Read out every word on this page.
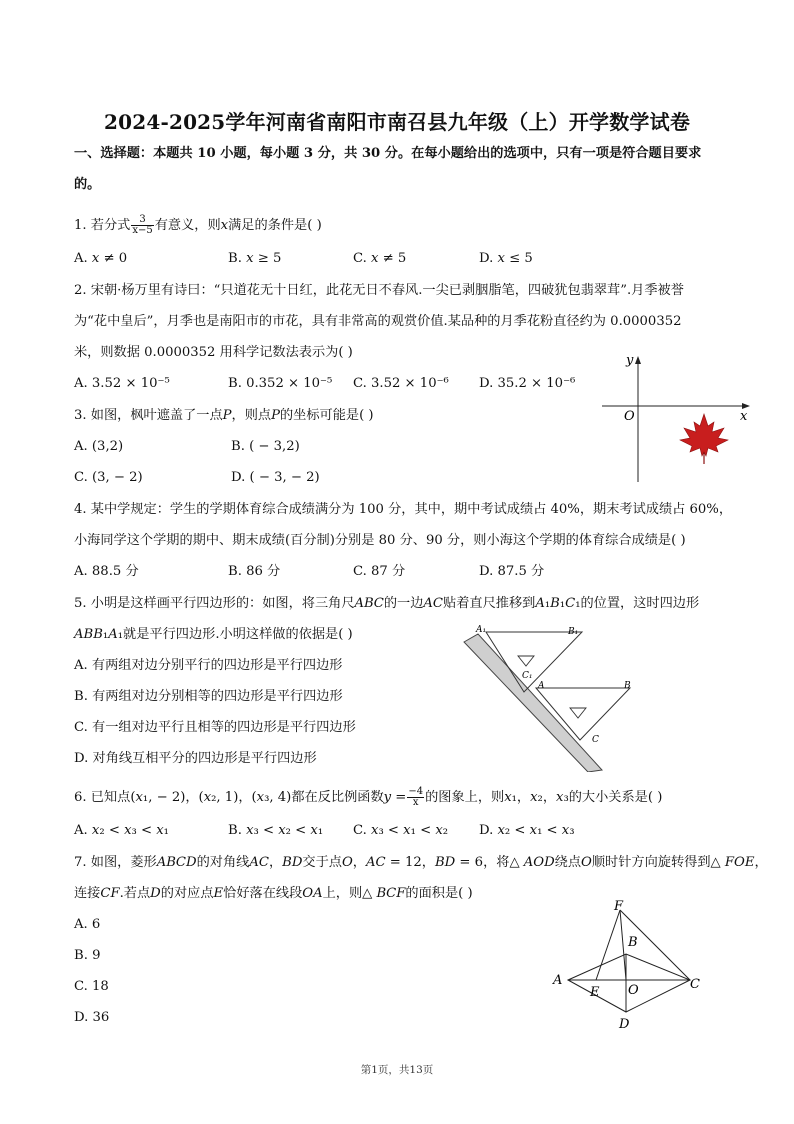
2024-2025学年河南省南阳市南召县九年级（上）开学数学试卷
一、选择题：本题共 10 小题，每小题 3 分，共 30 分。在每小题给出的选项中，只有一项是符合题目要求
的。
1. 若分式 $\frac{3}{x-5}$ 有意义，则𝑥满足的条件是( )
A. 𝑥 ≠ 0	B. 𝑥 ≥ 5	C. 𝑥 ≠ 5	D. 𝑥 ≤ 5
2. 宋朝·杨万里有诗曰：“只道花无十日红，此花无日不春风.一尖已剥胭脂笔，四破犹包翡翠茸”.月季被誉
为“花中皇后”，月季也是南阳市的市花，具有非常高的观赏价值.某品种的月季花粉直径约为 0.0000352
米，则数据 0.0000352 用科学记数法表示为( )
A. 3.52 × 10⁻⁵	B. 0.352 × 10⁻⁵ C. 3.52 × 10⁻⁶ D. 35.2 × 10⁻⁶
3. 如图，枫叶遮盖了一点𝑃，则点𝑃的坐标可能是( )
A. (3,2)	B. ( − 3,2)
C. (3, − 2)	D. ( − 3, − 2)
y
x
O
4. 某中学规定：学生的学期体育综合成绩满分为 100 分，其中，期中考试成绩占 40%，期末考试成绩占 60%，
小海同学这个学期的期中、期末成绩(百分制)分别是 80 分、90 分，则小海这个学期的体育综合成绩是( )
A. 88.5 分	B. 86 分	C. 87 分	D. 87.5 分
5. 小明是这样画平行四边形的：如图，将三角尺𝐴𝐵𝐶的一边𝐴𝐶贴着直尺推移到𝐴₁𝐵₁𝐶₁的位置，这时四边形
𝐴𝐵𝐵₁𝐴₁就是平行四边形.小明这样做的依据是( )
A. 有两组对边分别平行的四边形是平行四边形
B. 有两组对边分别相等的四边形是平行四边形
C. 有一组对边平行且相等的四边形是平行四边形
D. 对角线互相平分的四边形是平行四边形
A₁	B₁
C₁
A	B
C
6. 已知点(𝑥₁, − 2)，(𝑥₂, 1)，(𝑥₃, 4)都在反比例函数𝑦 = $\frac{-4}{x}$ 的图象上，则𝑥₁，𝑥₂，𝑥₃的大小关系是( )
A. 𝑥₂ < 𝑥₃ < 𝑥₁	B. 𝑥₃ < 𝑥₂ < 𝑥₁ C. 𝑥₃ < 𝑥₁ < 𝑥₂ D. 𝑥₂ < 𝑥₁ < 𝑥₃
7. 如图，菱形𝐴𝐵𝐶𝐷的对角线𝐴𝐶，𝐵𝐷交于点𝑂，𝐴𝐶 = 12，𝐵𝐷 = 6，将△ 𝐴𝑂𝐷绕点𝑂顺时针方向旋转得到△ 𝐹𝑂𝐸，
连接𝐶𝐹.若点𝐷的对应点𝐸恰好落在线段𝑂𝐴上，则△ 𝐵𝐶𝐹的面积是( )
A. 6
B. 9
C. 18
D. 36
F
B
A
E O	C
D
第1页，共13页
